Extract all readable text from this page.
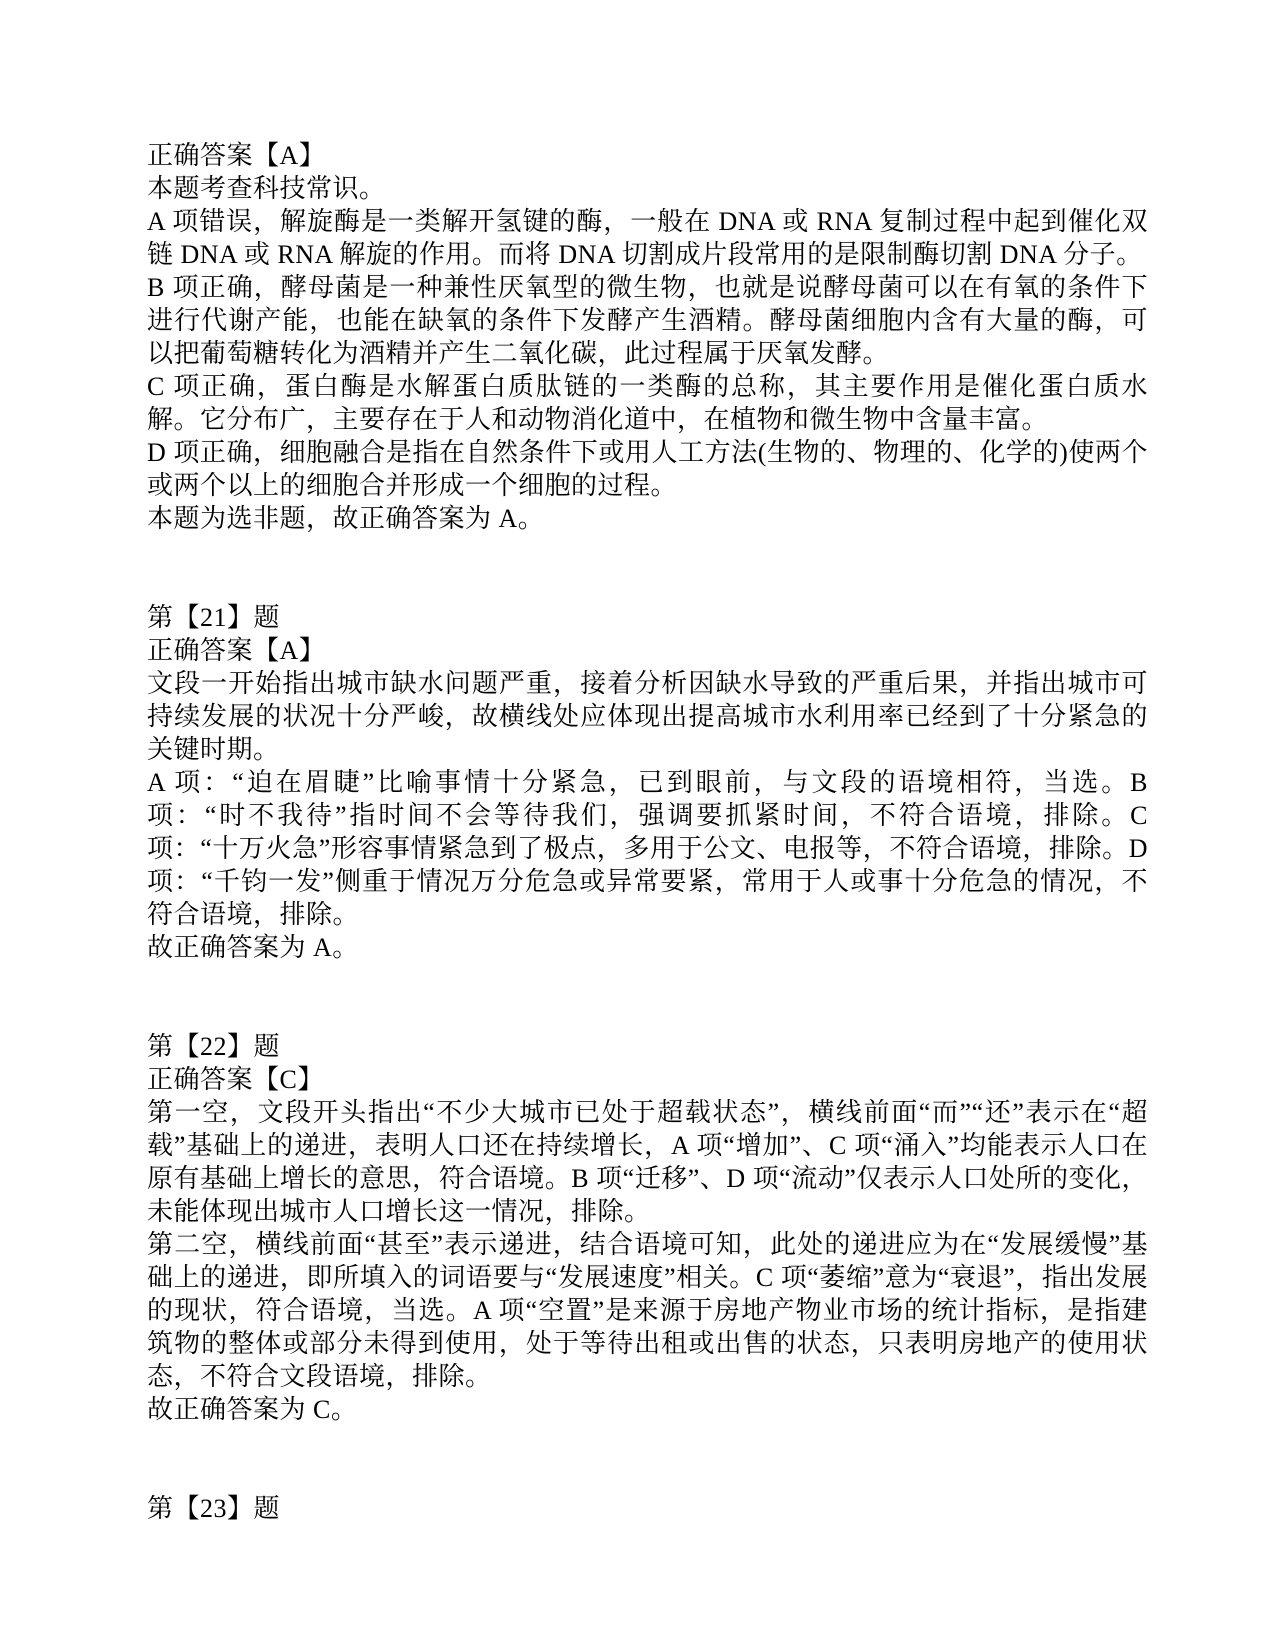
正确答案【A】

本题考查科技常识。

A 项错误，解旋酶是一类解开氢键的酶，一般在 DNA 或 RNA 复制过程中起到催化双链 DNA 或 RNA 解旋的作用。而将 DNA 切割成片段常用的是限制酶切割 DNA 分子。

B 项正确，酵母菌是一种兼性厌氧型的微生物，也就是说酵母菌可以在有氧的条件下进行代谢产能，也能在缺氧的条件下发酵产生酒精。酵母菌细胞内含有大量的酶，可以把葡萄糖转化为酒精并产生二氧化碳，此过程属于厌氧发酵。

C 项正确，蛋白酶是水解蛋白质肽链的一类酶的总称，其主要作用是催化蛋白质水解。它分布广，主要存在于人和动物消化道中，在植物和微生物中含量丰富。

D 项正确，细胞融合是指在自然条件下或用人工方法(生物的、物理的、化学的)使两个或两个以上的细胞合并形成一个细胞的过程。

本题为选非题，故正确答案为 A。

第【21】题

正确答案【A】

文段一开始指出城市缺水问题严重，接着分析因缺水导致的严重后果，并指出城市可持续发展的状况十分严峻，故横线处应体现出提高城市水利用率已经到了十分紧急的关键时期。

A 项：“迫在眉睫”比喻事情十分紧急，已到眼前，与文段的语境相符，当选。B 项：“时不我待”指时间不会等待我们，强调要抓紧时间，不符合语境，排除。C 项：“十万火急”形容事情紧急到了极点，多用于公文、电报等，不符合语境，排除。D 项：“千钧一发”侧重于情况万分危急或异常要紧，常用于人或事十分危急的情况，不符合语境，排除。

故正确答案为 A。

第【22】题

正确答案【C】

第一空，文段开头指出“不少大城市已处于超载状态”，横线前面“而”“还”表示在“超载”基础上的递进，表明人口还在持续增长，A 项“增加”、C 项“涌入”均能表示人口在原有基础上增长的意思，符合语境。B 项“迁移”、D 项“流动”仅表示人口处所的变化，未能体现出城市人口增长这一情况，排除。

第二空，横线前面“甚至”表示递进，结合语境可知，此处的递进应为在“发展缓慢”基础上的递进，即所填入的词语要与“发展速度”相关。C 项“萎缩”意为“衰退”，指出发展的现状，符合语境，当选。A 项“空置”是来源于房地产物业市场的统计指标，是指建筑物的整体或部分未得到使用，处于等待出租或出售的状态，只表明房地产的使用状态，不符合文段语境，排除。

故正确答案为 C。

第【23】题
